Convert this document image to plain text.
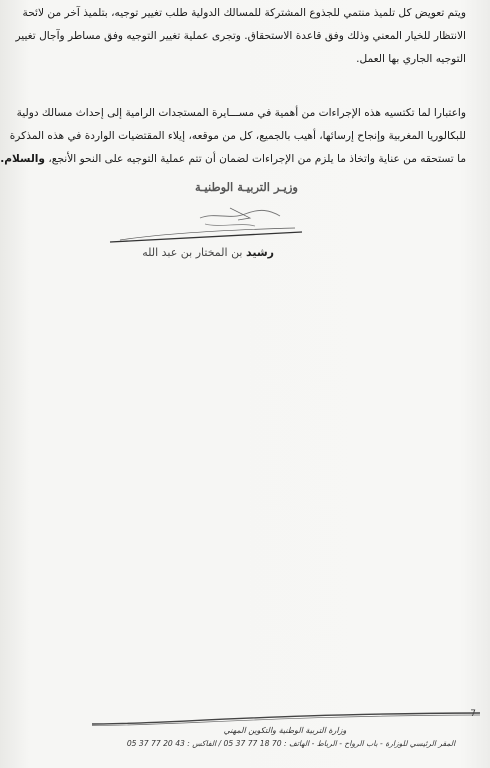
ويتم تعويض كل تلميذ منتمي للجذوع المشتركة للمسالك الدولية طلب تغيير توجيه، بتلميذ آخر من لائحة
الانتظار للخيار المعني وذلك وفق قاعدة الاستحقاق. وتجرى عملية تغيير التوجيه وفق مساطر وآجال تغيير
التوجيه الجاري بها العمل.
واعتبارا لما تكتسيه هذه الإجراءات من أهمية في مســـايرة المستجدات الرامية إلى إحداث مسالك دولية
للبكالوريا المغربية وإنجاح إرسائها، أهيب بالجميع، كل من موقعه، إيلاء المقتضيات الواردة في هذه المذكرة
ما تستحقه من عناية واتخاذ ما يلزم من الإجراءات لضمان أن تتم عملية التوجيه على النحو الأنجع، والسلام.
وزيـر التربيـة الوطنيـة
رشيد بن المختار بن عبد الله
7
وزارة التربية الوطنية والتكوين المهني
المقر الرئيسي للوزارة - باب الرواح - الرباط - الهاتف : 70 18 77 37 05 / الفاكس : 43 20 77 37 05
